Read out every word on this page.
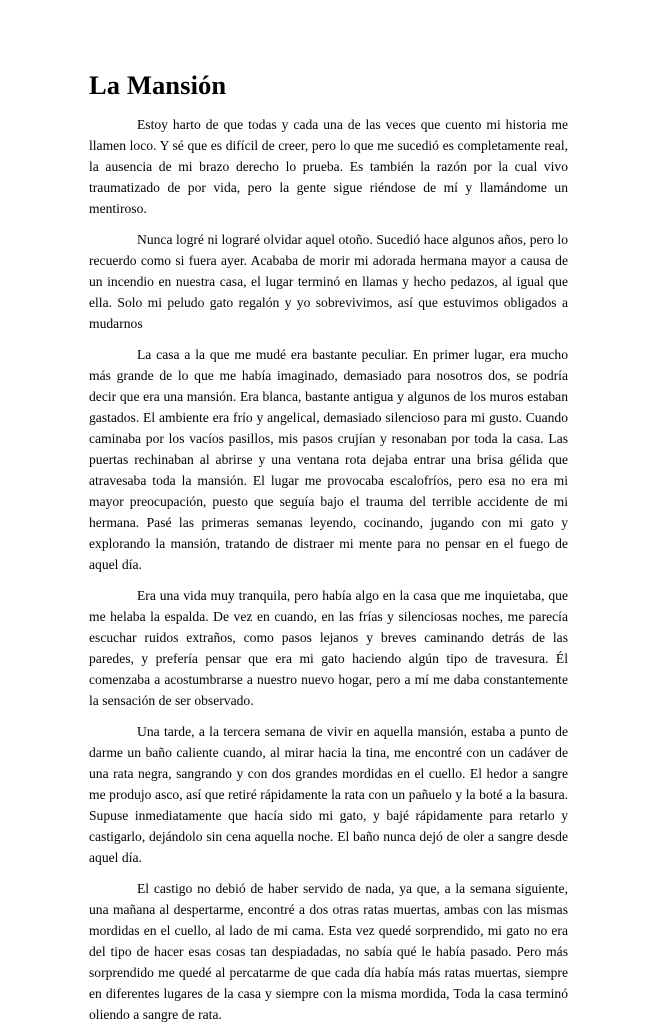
La Mansión

Estoy harto de que todas y cada una de las veces que cuento mi historia me llamen loco. Y sé que es difícil de creer, pero lo que me sucedió es completamente real, la ausencia de mi brazo derecho lo prueba. Es también la razón por la cual vivo traumatizado de por vida, pero la gente sigue riéndose de mí y llamándome un mentiroso.

Nunca logré ni lograré olvidar aquel otoño. Sucedió hace algunos años, pero lo recuerdo como si fuera ayer. Acababa de morir mi adorada hermana mayor a causa de un incendio en nuestra casa, el lugar terminó en llamas y hecho pedazos, al igual que ella. Solo mi peludo gato regalón y yo sobrevivimos, así que estuvimos obligados a mudarnos

La casa a la que me mudé era bastante peculiar. En primer lugar, era mucho más grande de lo que me había imaginado, demasiado para nosotros dos, se podría decir que era una mansión. Era blanca, bastante antigua y algunos de los muros estaban gastados. El ambiente era frío y angelical, demasiado silencioso para mi gusto. Cuando caminaba por los vacíos pasillos, mis pasos crujían y resonaban por toda la casa. Las puertas rechinaban al abrirse y una ventana rota dejaba entrar una brisa gélida que atravesaba toda la mansión. El lugar me provocaba escalofríos, pero esa no era mi mayor preocupación, puesto que seguía bajo el trauma del terrible accidente de mi hermana. Pasé las primeras semanas leyendo, cocinando, jugando con mi gato y explorando la mansión, tratando de distraer mi mente para no pensar en el fuego de aquel día.

Era una vida muy tranquila, pero había algo en la casa que me inquietaba, que me helaba la espalda. De vez en cuando, en las frías y silenciosas noches, me parecía escuchar ruidos extraños, como pasos lejanos y breves caminando detrás de las paredes, y prefería pensar que era mi gato haciendo algún tipo de travesura. Él comenzaba a acostumbrarse a nuestro nuevo hogar, pero a mí me daba constantemente la sensación de ser observado.

Una tarde, a la tercera semana de vivir en aquella mansión, estaba a punto de darme un baño caliente cuando, al mirar hacia la tina, me encontré con un cadáver de una rata negra, sangrando y con dos grandes mordidas en el cuello. El hedor a sangre me produjo asco, así que retiré rápidamente la rata con un pañuelo y la boté a la basura. Supuse inmediatamente que hacía sido mi gato, y bajé rápidamente para retarlo y castigarlo, dejándolo sin cena aquella noche. El baño nunca dejó de oler a sangre desde aquel día.

El castigo no debió de haber servido de nada, ya que, a la semana siguiente, una mañana al despertarme, encontré a dos otras ratas muertas, ambas con las mismas mordidas en el cuello, al lado de mi cama. Esta vez quedé sorprendido, mi gato no era del tipo de hacer esas cosas tan despiadadas, no sabía qué le había pasado. Pero más sorprendido me quedé al percatarme de que cada día había más ratas muertas, siempre en diferentes lugares de la casa y siempre con la misma mordida, Toda la casa terminó oliendo a sangre de rata.
